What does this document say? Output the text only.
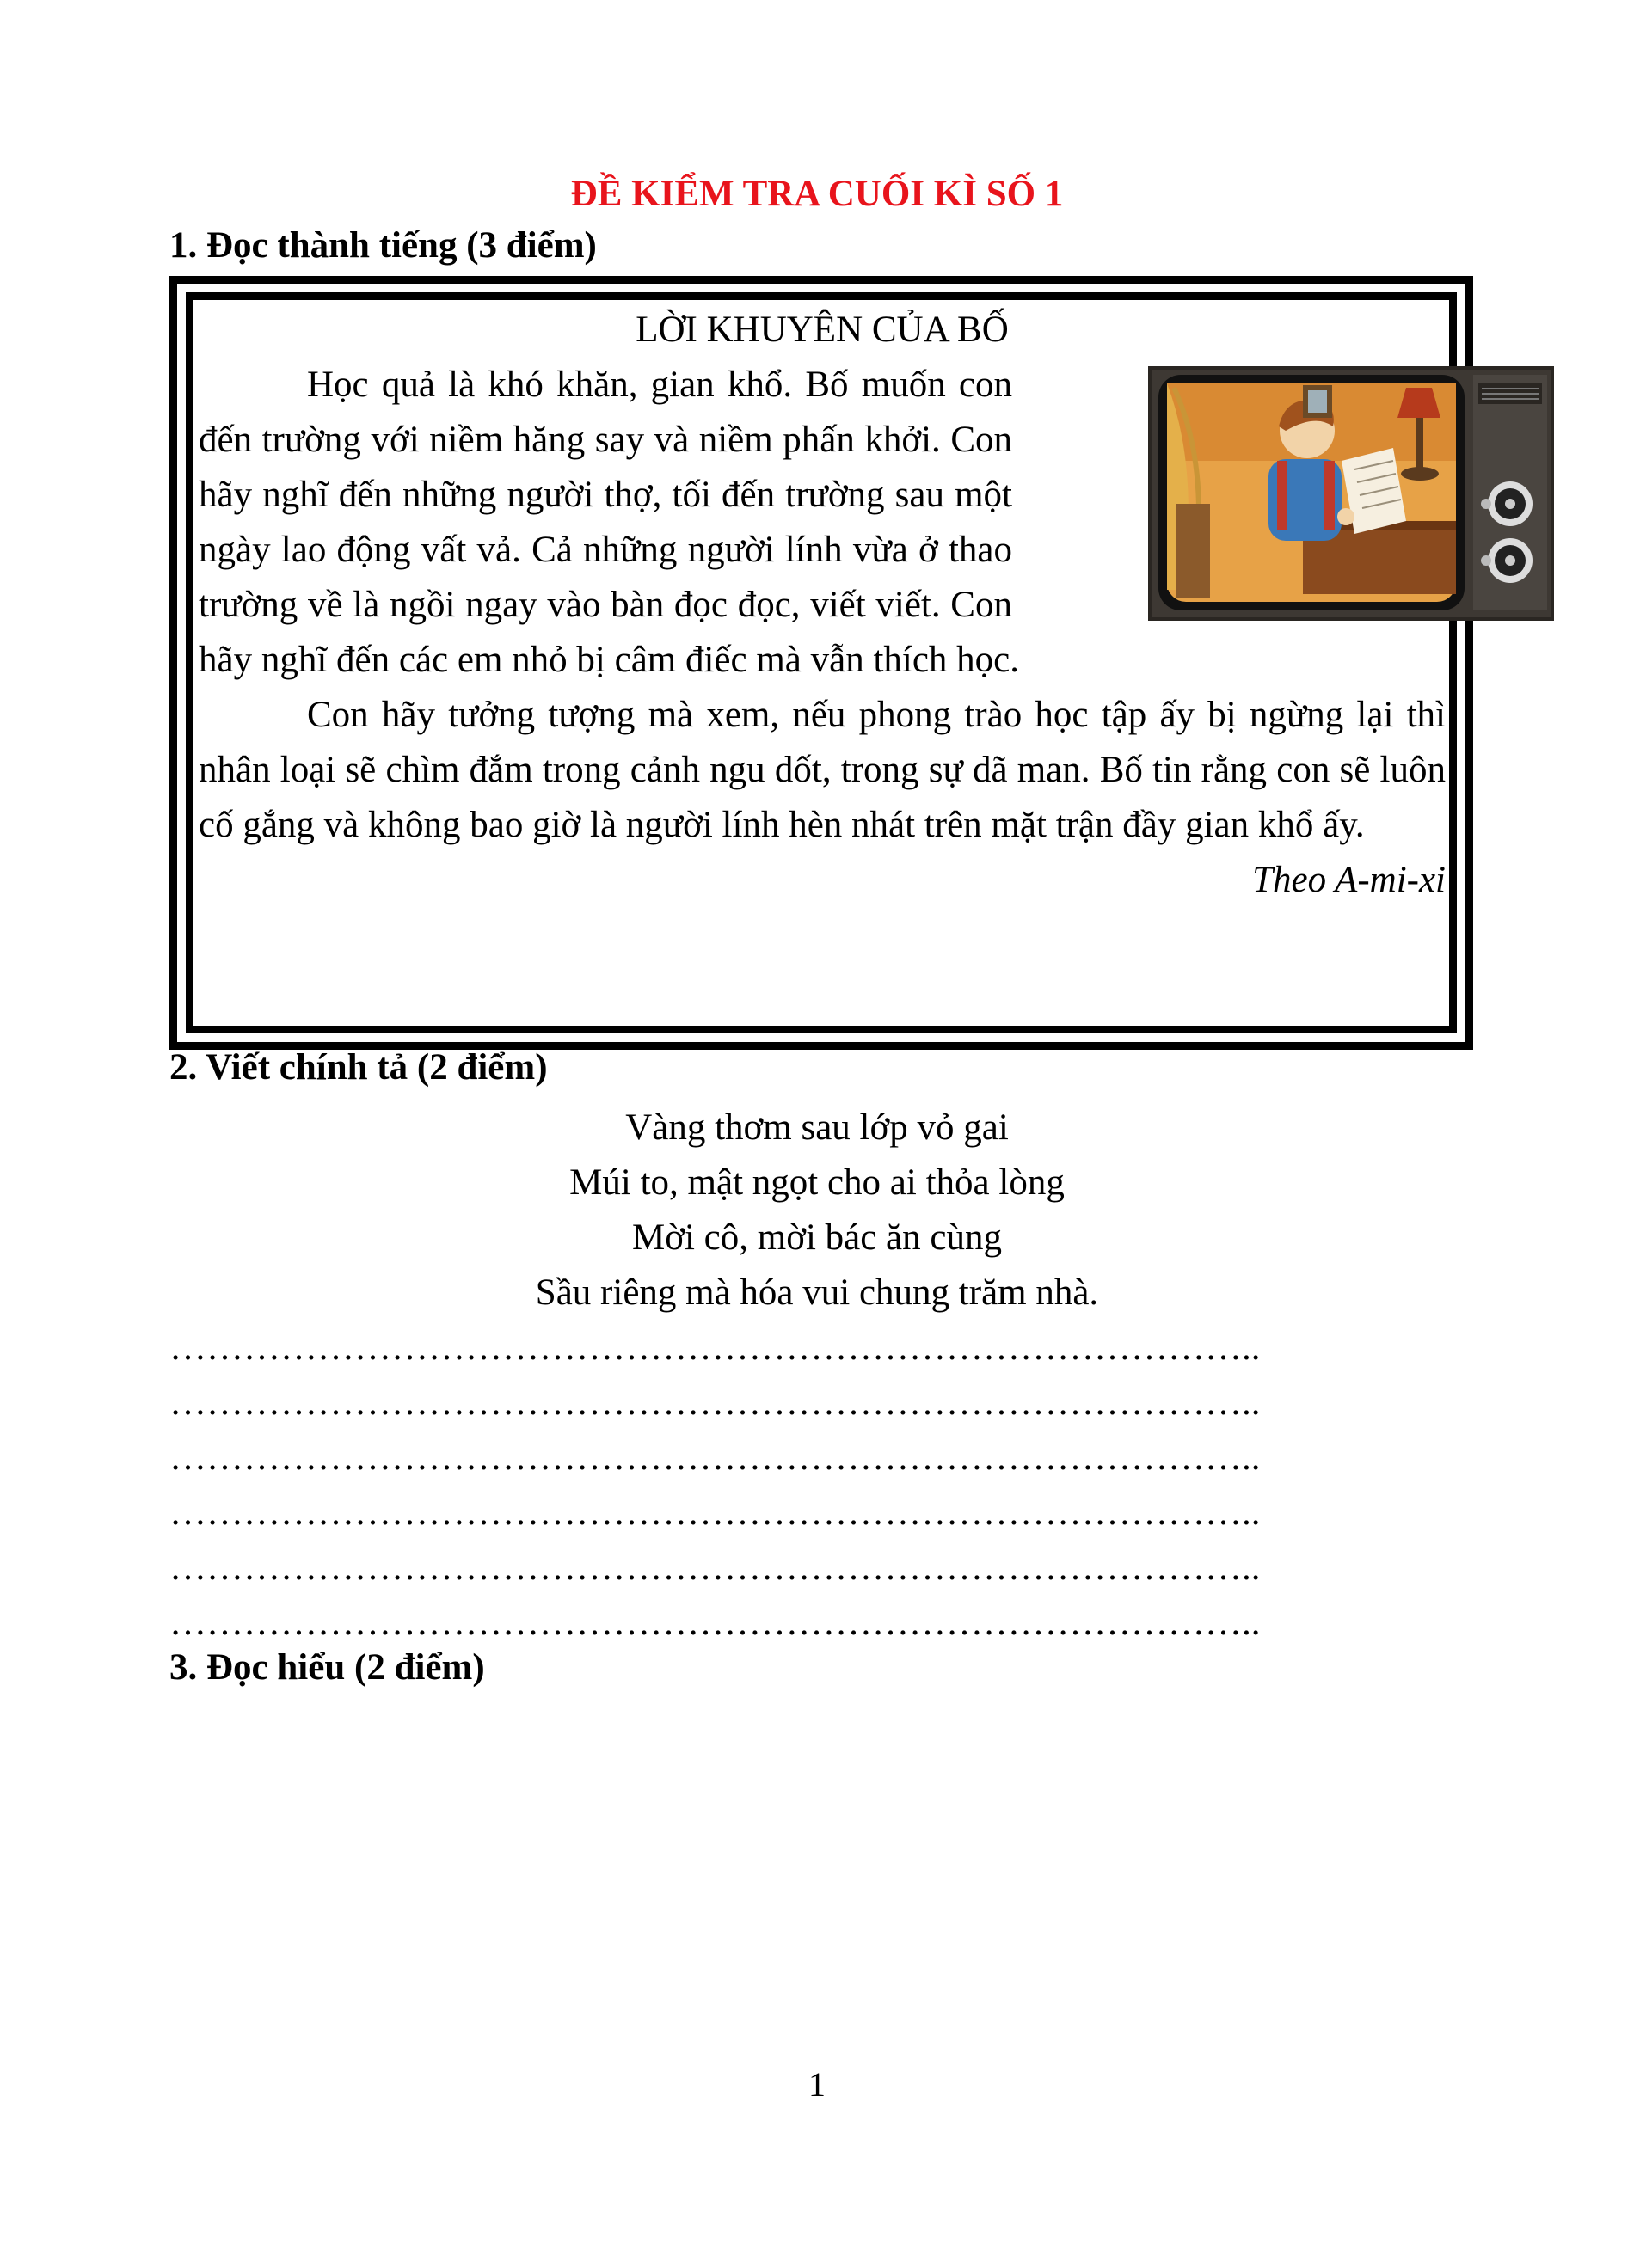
ĐỀ KIỂM TRA CUỐI KÌ SỐ 1
1. Đọc thành tiếng (3 điểm)
LỜI KHUYÊN CỦA BỐ

Học quả là khó khăn, gian khổ. Bố muốn con đến trường với niềm hăng say và niềm phấn khởi. Con hãy nghĩ đến những người thợ, tối đến trường sau một ngày lao động vất vả. Cả những người lính vừa ở thao trường về là ngồi ngay vào bàn đọc đọc, viết viết. Con hãy nghĩ đến các em nhỏ bị câm điếc mà vẫn thích học.

Con hãy tưởng tượng mà xem, nếu phong trào học tập ấy bị ngừng lại thì nhân loại sẽ chìm đắm trong cảnh ngu dốt, trong sự dã man. Bố tin rằng con sẽ luôn cố gắng và không bao giờ là người lính hèn nhát trên mặt trận đầy gian khổ ấy.

Theo A-mi-xi
2. Viết chính tả (2 điểm)
Vàng thơm sau lớp vỏ gai
Múi to, mật ngọt cho ai thỏa lòng
Mời cô, mời bác ăn cùng
Sầu riêng mà hóa vui chung trăm nhà.
……………………………………………………………………………..
……………………………………………………………………………..
……………………………………………………………………………..
……………………………………………………………………………..
……………………………………………………………………………..
……………………………………………………………………………..
3. Đọc hiểu (2 điểm)
1
